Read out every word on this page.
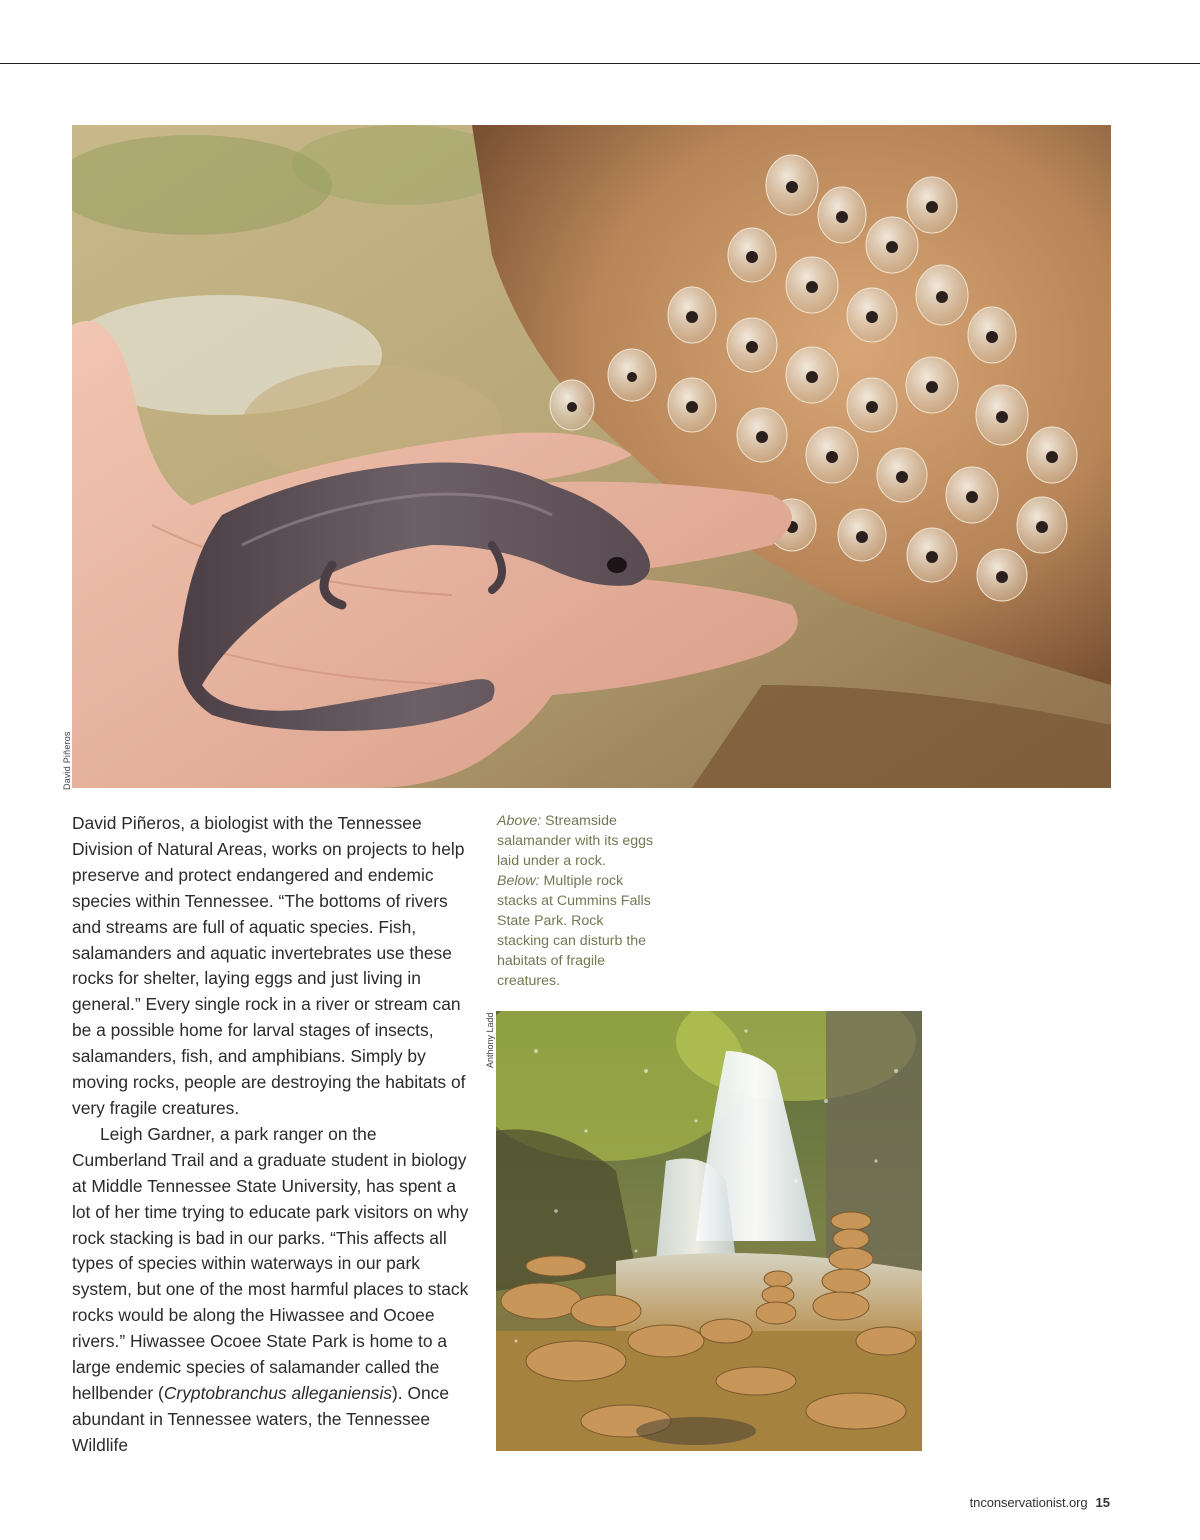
David Piñeros

David Piñeros, a biologist with the Tennessee Division of Natural Areas, works on projects to help preserve and protect endangered and endemic species within Tennessee. “The bottoms of rivers and streams are full of aquatic species. Fish, salamanders and aquatic invertebrates use these rocks for shelter, laying eggs and just living in general.” Every single rock in a river or stream can be a possible home for larval stages of insects, salamanders, fish, and amphibians. Simply by moving rocks, people are destroying the habitats of very fragile creatures.

Leigh Gardner, a park ranger on the Cumberland Trail and a graduate student in biology at Middle Tennessee State University, has spent a lot of her time trying to educate park visitors on why rock stacking is bad in our parks. “This affects all types of species within waterways in our park system, but one of the most harmful places to stack rocks would be along the Hiwassee and Ocoee rivers.” Hiwassee Ocoee State Park is home to a large endemic species of salamander called the hellbender (Cryptobranchus alleganiensis). Once abundant in Tennessee waters, the Tennessee Wildlife

Above: Streamside salamander with its eggs laid under a rock.
Below: Multiple rock stacks at Cummins Falls State Park. Rock stacking can disturb the habitats of fragile creatures.
Anthony Ladd
tnconservationist.org 15
